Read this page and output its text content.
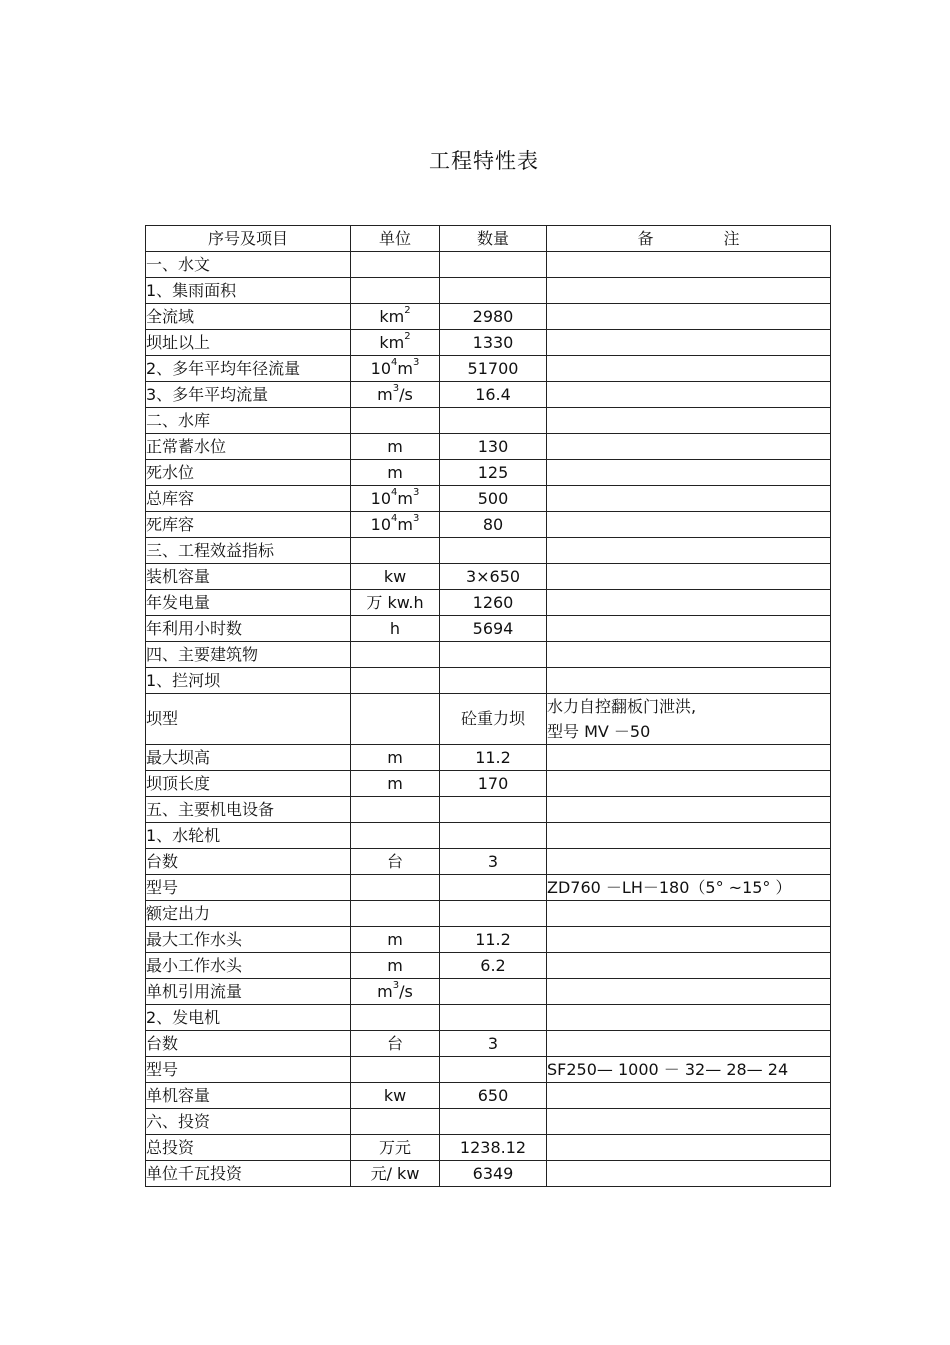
工程特性表
序号及项目	单位	数量	备 注
一、水文			
1、集雨面积			
全流域	$km^2$	2980	
坝址以上	$km^2$	1330	
2、多年平均年径流量	$10^4m^3$	51700	
3、多年平均流量	$m^3/s$	16.4	
二、水库			
正常蓄水位	m	130	
死水位	m	125	
总库容	$10^4m^3$	500	
死库容	$10^4m^3$	80	
三、工程效益指标			
装机容量	kw	3×650	
年发电量	万 kw.h	1260	
年利用小时数	h	5694	
四、主要建筑物			
1、拦河坝			
坝型		砼重力坝	水力自控翻板门泄洪,
型号 MV －50
最大坝高	m	11.2	
坝顶长度	m	170	
五、主要机电设备			
1、水轮机			
台数	台	3	
型号			ZD760 －LH－180（5° ~15° ）
额定出力			
最大工作水头	m	11.2	
最小工作水头	m	6.2	
单机引用流量	$m^3/s$		
2、发电机			
台数	台	3	
型号			SF250— 1000 － 32— 28— 24
单机容量	kw	650	
六、投资			
总投资	万元	1238.12	
单位千瓦投资	元/ kw	6349	
